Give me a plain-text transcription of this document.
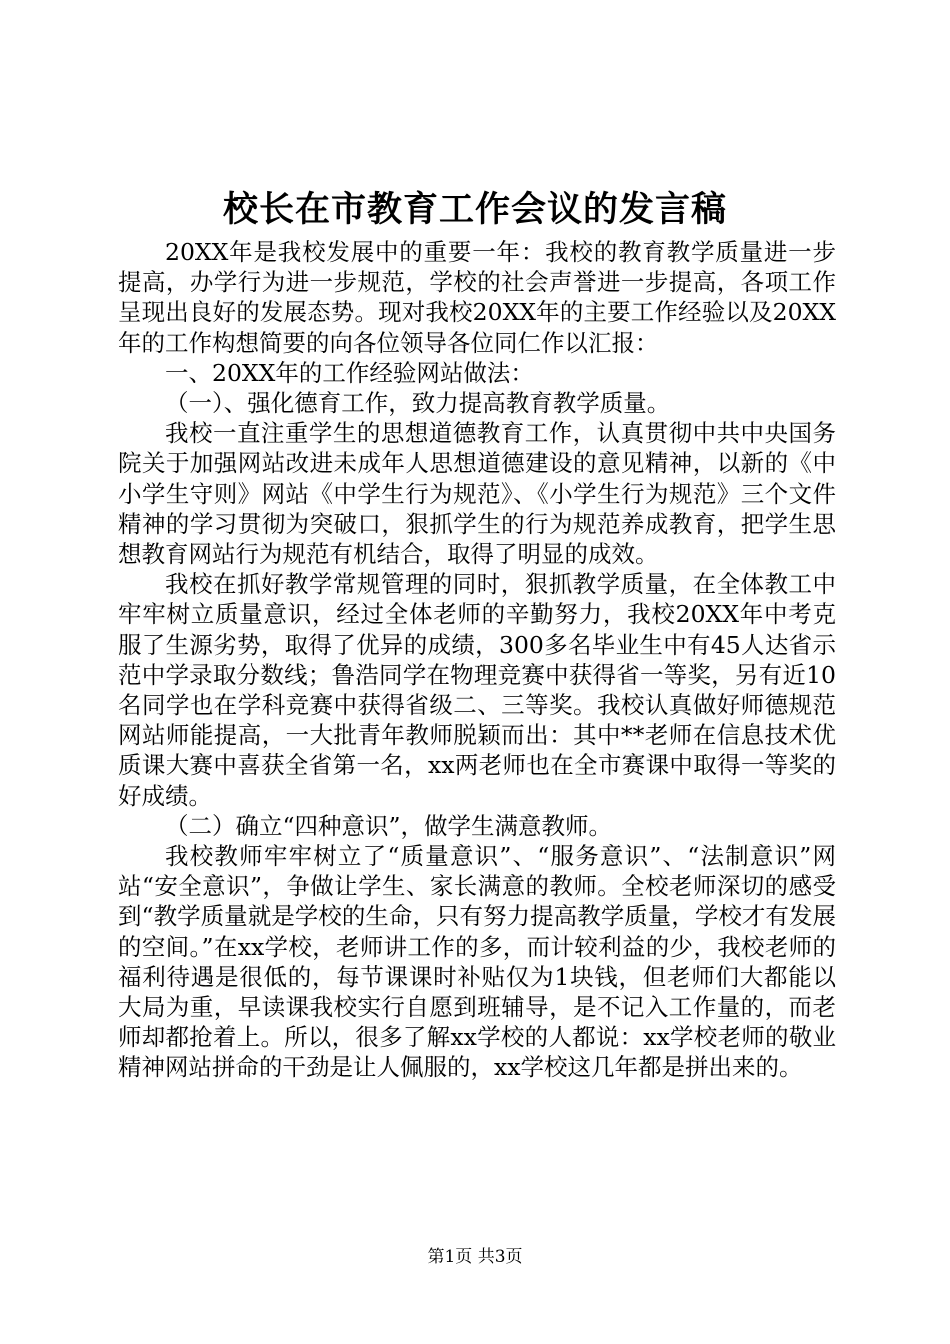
校长在市教育工作会议的发言稿

20XX年是我校发展中的重要一年：我校的教育教学质量进一步提高，办学行为进一步规范，学校的社会声誉进一步提高，各项工作呈现出良好的发展态势。现对我校20XX年的主要工作经验以及20XX年的工作构想简要的向各位领导各位同仁作以汇报：

一、20XX年的工作经验网站做法：

（一）、强化德育工作，致力提高教育教学质量。

我校一直注重学生的思想道德教育工作，认真贯彻中共中央国务院关于加强网站改进未成年人思想道德建设的意见精神，以新的《中小学生守则》网站《中学生行为规范》、《小学生行为规范》三个文件精神的学习贯彻为突破口，狠抓学生的行为规范养成教育，把学生思想教育网站行为规范有机结合，取得了明显的成效。

我校在抓好教学常规管理的同时，狠抓教学质量，在全体教工中牢牢树立质量意识，经过全体老师的辛勤努力，我校20XX年中考克服了生源劣势，取得了优异的成绩，300多名毕业生中有45人达省示范中学录取分数线；鲁浩同学在物理竞赛中获得省一等奖，另有近10名同学也在学科竞赛中获得省级二、三等奖。我校认真做好师德规范网站师能提高，一大批青年教师脱颖而出：其中**老师在信息技术优质课大赛中喜获全省第一名，xx两老师也在全市赛课中取得一等奖的好成绩。

（二）确立“四种意识”，做学生满意教师。

我校教师牢牢树立了“质量意识”、“服务意识”、“法制意识”网站“安全意识”，争做让学生、家长满意的教师。全校老师深切的感受到“教学质量就是学校的生命，只有努力提高教学质量，学校才有发展的空间。”在xx学校，老师讲工作的多，而计较利益的少，我校老师的福利待遇是很低的，每节课课时补贴仅为1块钱，但老师们大都能以大局为重，早读课我校实行自愿到班辅导，是不记入工作量的，而老师却都抢着上。所以，很多了解xx学校的人都说：xx学校老师的敬业精神网站拼命的干劲是让人佩服的，xx学校这几年都是拼出来的。

第1页 共3页
